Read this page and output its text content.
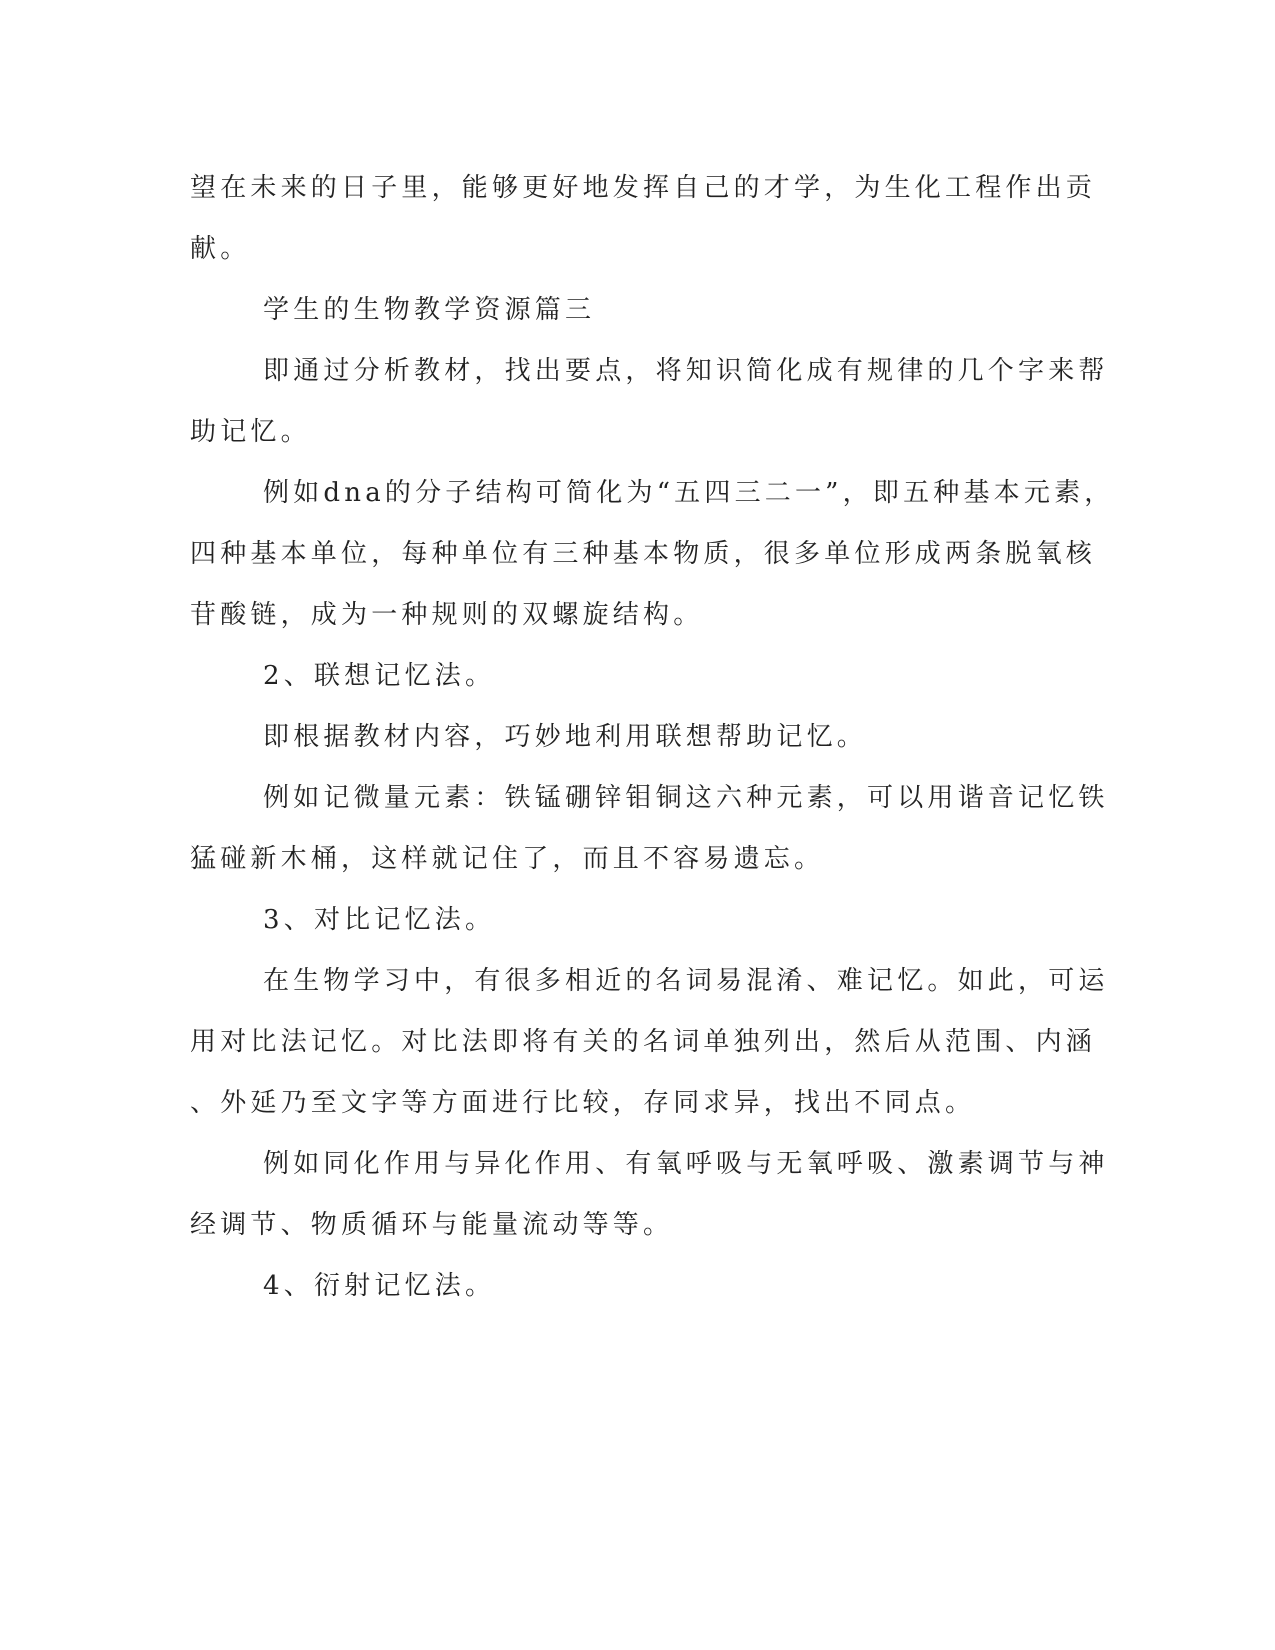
望在未来的日子里，能够更好地发挥自己的才学，为生化工程作出贡
献。
学生的生物教学资源篇三
即通过分析教材，找出要点，将知识简化成有规律的几个字来帮
助记忆。
例如dna的分子结构可简化为“五四三二一”，即五种基本元素，
四种基本单位，每种单位有三种基本物质，很多单位形成两条脱氧核
苷酸链，成为一种规则的双螺旋结构。
2、联想记忆法。
即根据教材内容，巧妙地利用联想帮助记忆。
例如记微量元素：铁锰硼锌钼铜这六种元素，可以用谐音记忆铁
猛碰新木桶，这样就记住了，而且不容易遗忘。
3、对比记忆法。
在生物学习中，有很多相近的名词易混淆、难记忆。如此，可运
用对比法记忆。对比法即将有关的名词单独列出，然后从范围、内涵
、外延乃至文字等方面进行比较，存同求异，找出不同点。
例如同化作用与异化作用、有氧呼吸与无氧呼吸、激素调节与神
经调节、物质循环与能量流动等等。
4、衍射记忆法。
